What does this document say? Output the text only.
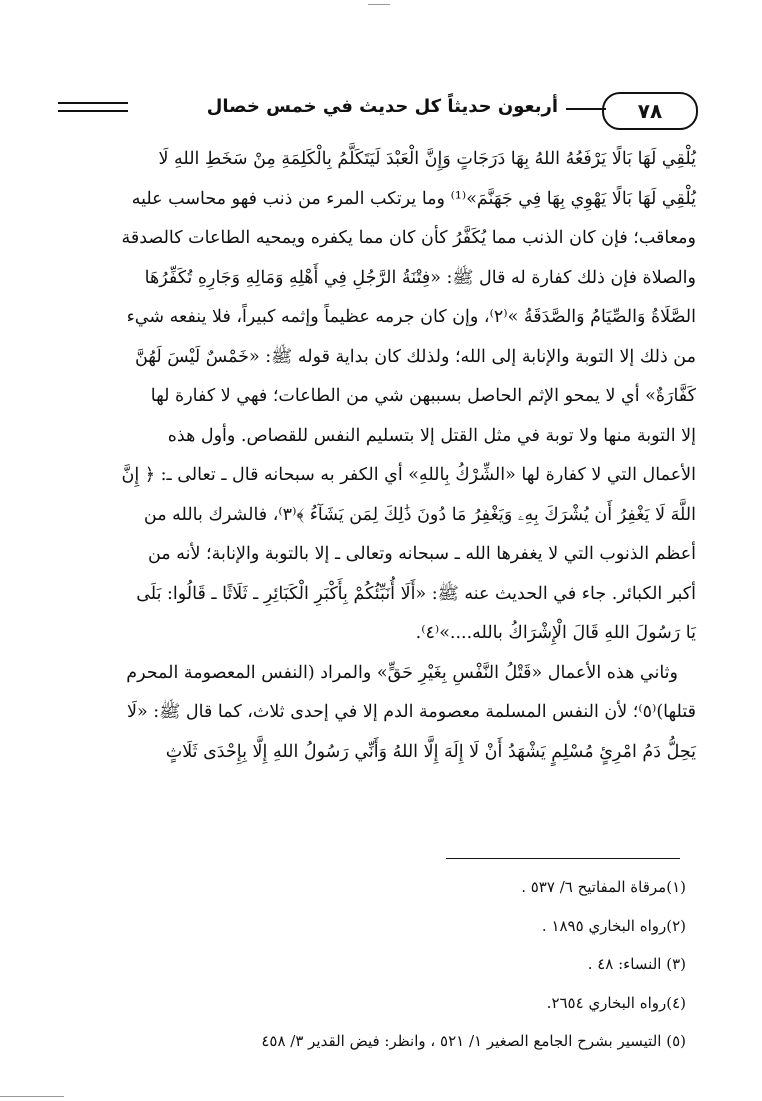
٧٨
أربعون حديثاً كل حديث في خمس خصال

يُلْقِي لَهَا بَالًا يَرْفَعُهُ اللهُ بِهَا دَرَجَاتٍ وَإِنَّ الْعَبْدَ لَيَتَكَلَّمُ بِالْكَلِمَةِ مِنْ سَخَطِ اللهِ لَا

يُلْقِي لَهَا بَالًا يَهْوِي بِهَا فِي جَهَنَّمَ»⁽¹⁾ وما يرتكب المرء من ذنب فهو محاسب عليه

ومعاقب؛ فإن كان الذنب مما يُكَفَّرُ كأن كان مما يكفره ويمحيه الطاعات كالصدقة

والصلاة فإن ذلك كفارة له قال ﷺ: «فِتْنَةُ الرَّجُلِ فِي أَهْلِهِ وَمَالِهِ وَجَارِهِ تُكَفِّرُهَا

الصَّلَاةُ وَالصِّيَامُ وَالصَّدَقَةُ »⁽٢⁾، وإن كان جرمه عظيماً وإثمه كبيراً، فلا ينفعه شيء

من ذلك إلا التوبة والإنابة إلى الله؛ ولذلك كان بداية قوله ﷺ: «خَمْسٌ لَيْسَ لَهُنَّ

كَفَّارَةٌ» أي لا يمحو الإثم الحاصل بسببهن شي من الطاعات؛ فهي لا كفارة لها

إلا التوبة منها ولا توبة في مثل القتل إلا بتسليم النفس للقصاص. وأول هذه

الأعمال التي لا كفارة لها «الشِّرْكُ بِاللهِ» أي الكفر به سبحانه قال ـ تعالى ـ: ﴿ إِنَّ

اللَّهَ لَا يَغْفِرُ أَن يُشْرَكَ بِهِۦ وَيَغْفِرُ مَا دُونَ ذَٰلِكَ لِمَن يَشَآءُ ﴾⁽٣⁾، فالشرك بالله من

أعظم الذنوب التي لا يغفرها الله ـ سبحانه وتعالى ـ إلا بالتوبة والإنابة؛ لأنه من

أكبر الكبائر. جاء في الحديث عنه ﷺ: «أَلَا أُنَبِّئُكُمْ بِأَكْبَرِ الْكَبَائِرِ ـ ثَلَاثًا ـ قَالُوا: بَلَى

يَا رَسُولَ اللهِ قَالَ الْإِشْرَاكُ بالله....»⁽٤⁾.

وثاني هذه الأعمال «قَتْلُ النَّفْسِ بِغَيْرِ حَقٍّ» والمراد (النفس المعصومة المحرم

قتلها)⁽٥⁾؛ لأن النفس المسلمة معصومة الدم إلا في إحدى ثلاث، كما قال ﷺ: «لَا

يَحِلُّ دَمُ امْرِئٍ مُسْلِمٍ يَشْهَدُ أَنْ لَا إِلَهَ إِلَّا اللهُ وَأَنِّي رَسُولُ اللهِ إِلَّا بِإِحْدَى ثَلَاثٍ

(١)مرقاة المفاتيح ٦/ ٥٣٧ .
(٢)رواه البخاري ١٨٩٥ .
(٣) النساء: ٤٨ .
(٤)رواه البخاري ٢٦٥٤.
(٥) التيسير بشرح الجامع الصغير ١/ ٥٢١ ، وانظر: فيض القدير ٣/ ٤٥٨
